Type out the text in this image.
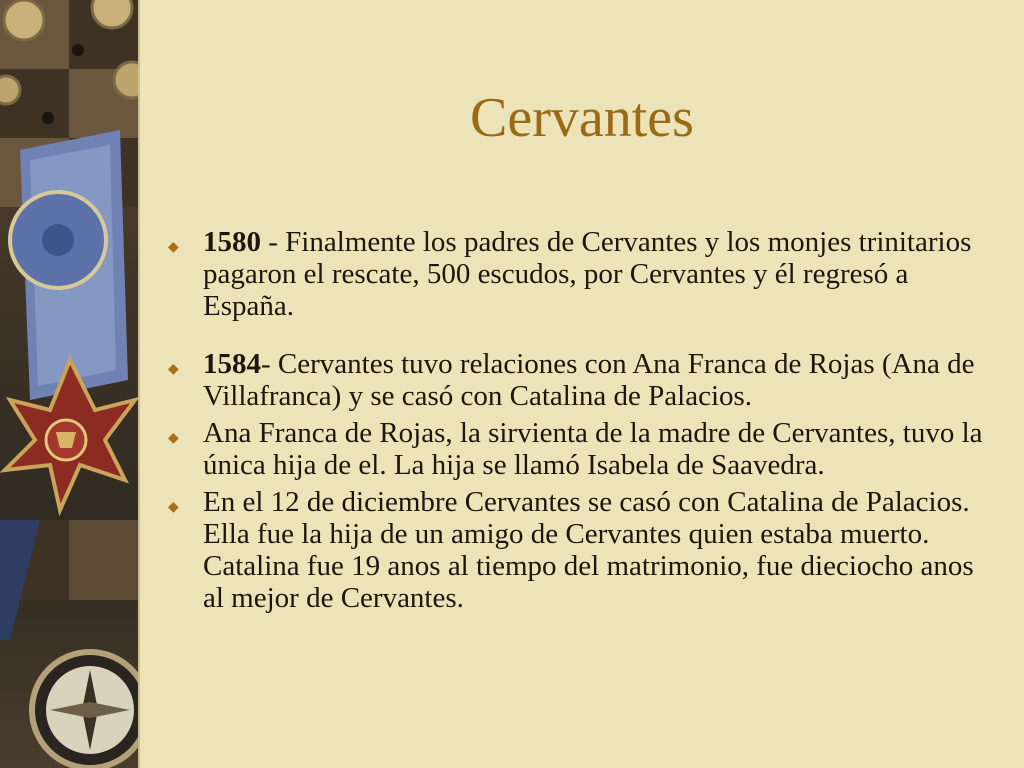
Cervantes
◆ 1580 - Finalmente los padres de Cervantes y los monjes trinitarios pagaron el rescate, 500 escudos, por Cervantes y él regresó a España.
◆ 1584- Cervantes tuvo relaciones con Ana Franca de Rojas (Ana de Villafranca) y se casó con Catalina de Palacios.
◆ Ana Franca de Rojas, la sirvienta de la madre de Cervantes, tuvo la única hija de el. La hija se llamó Isabela de Saavedra.
◆ En el 12 de diciembre Cervantes se casó con Catalina de Palacios. Ella fue la hija de un amigo de Cervantes quien estaba muerto. Catalina fue 19 anos al tiempo del matrimonio, fue dieciocho anos al mejor de Cervantes.
